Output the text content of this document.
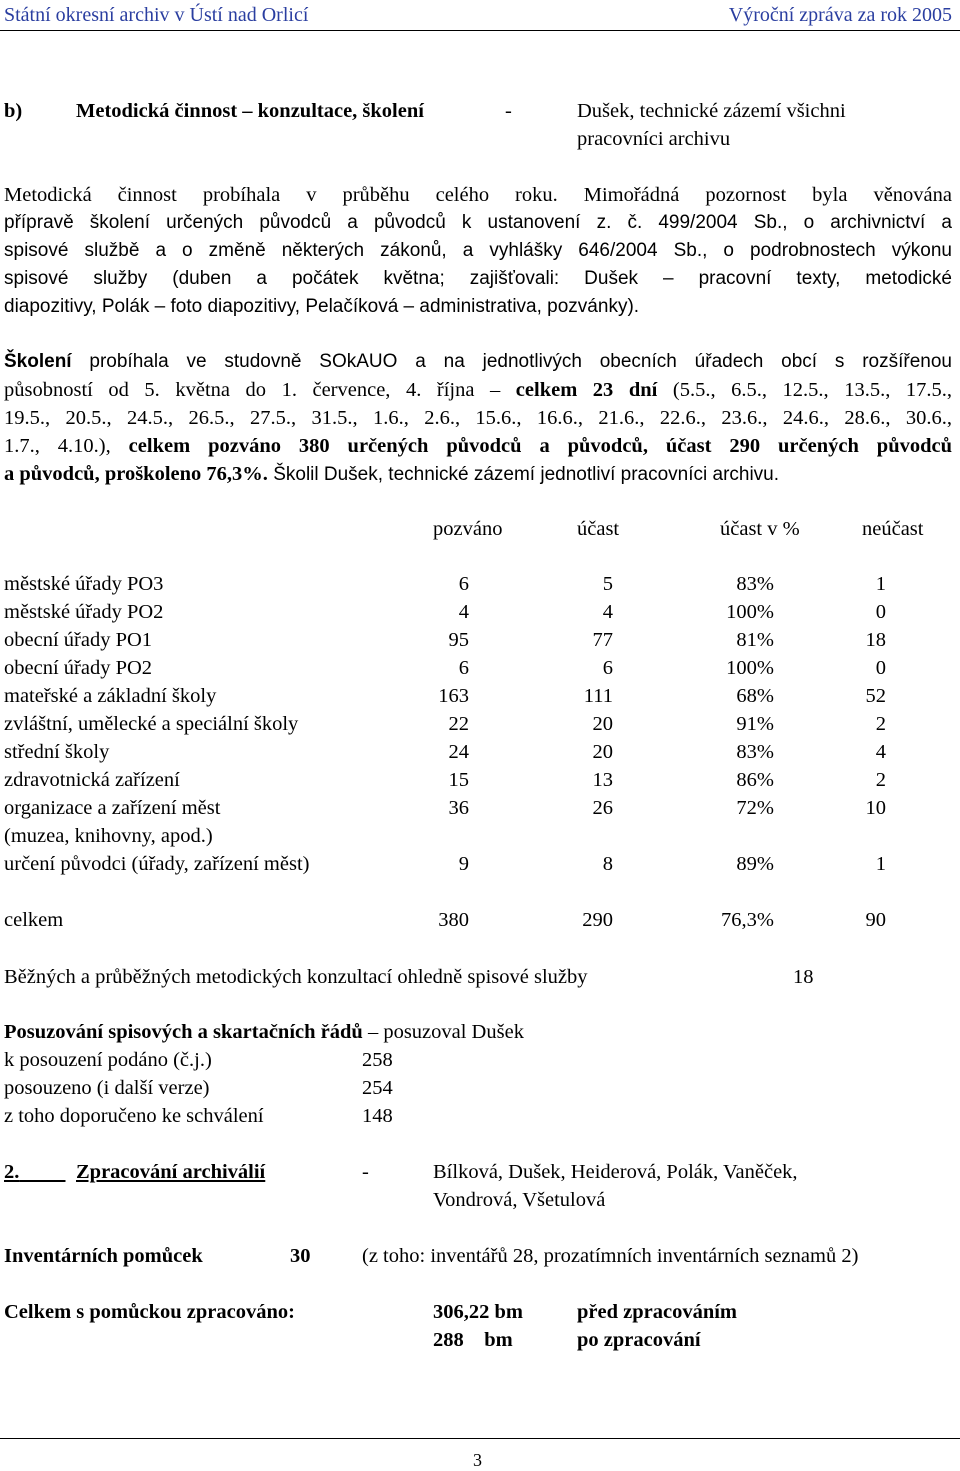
Státní okresní archiv v Ústí nad Orlicí	Výroční zpráva za rok 2005
b)	Metodická činnost – konzultace, školení	-	Dušek, technické zázemí všichni
pracovníci archivu
Metodická činnost probíhala v průběhu celého roku. Mimořádná pozornost byla věnována
přípravě školení určených původců a původců k ustanovení z. č. 499/2004 Sb., o archivnictví a
spisové službě a o změně některých zákonů, a vyhlášky 646/2004 Sb., o podrobnostech výkonu
spisové služby (duben a počátek května; zajišťovali: Dušek – pracovní texty, metodické
diapozitivy, Polák – foto diapozitivy, Pelačíková – administrativa, pozvánky).
Školení probíhala ve studovně SOkAUO a na jednotlivých obecních úřadech obcí s rozšířenou
působností od 5. května do 1. července, 4. října – celkem 23 dní (5.5., 6.5., 12.5., 13.5., 17.5.,
19.5., 20.5., 24.5., 26.5., 27.5., 31.5., 1.6., 2.6., 15.6., 16.6., 21.6., 22.6., 23.6., 24.6., 28.6., 30.6.,
1.7., 4.10.), celkem pozváno 380 určených původců a původců, účast 290 určených původců
a původců, proškoleno 76,3%. Školil Dušek, technické zázemí jednotliví pracovníci archivu.
pozváno	účast	účast v %	neúčast
městské úřady PO3	6	5	83%	1
městské úřady PO2	4	4	100%	0
obecní úřady PO1	95	77	81%	18
obecní úřady PO2	6	6	100%	0
mateřské a základní školy	163	111	68%	52
zvláštní, umělecké a speciální školy	22	20	91%	2
střední školy	24	20	83%	4
zdravotnická zařízení	15	13	86%	2
organizace a zařízení měst	36	26	72%	10
(muzea, knihovny, apod.)
určení původci (úřady, zařízení měst)	9	8	89%	1
celkem	380	290	76,3%	90
Běžných a průběžných metodických konzultací ohledně spisové služby	18
Posuzování spisových a skartačních řádů – posuzoval Dušek
k posouzení podáno (č.j.)	258
posouzeno (i další verze)	254
z toho doporučeno ke schválení	148
2.	Zpracování archiválií	-	Bílková, Dušek, Heiderová, Polák, Vaněček,
Vondrová, Všetulová
Inventárních pomůcek	30	(z toho: inventářů 28, prozatímních inventárních seznamů 2)
Celkem s pomůckou zpracováno:	306,22 bm	před zpracováním
288    bm	po zpracování
3
